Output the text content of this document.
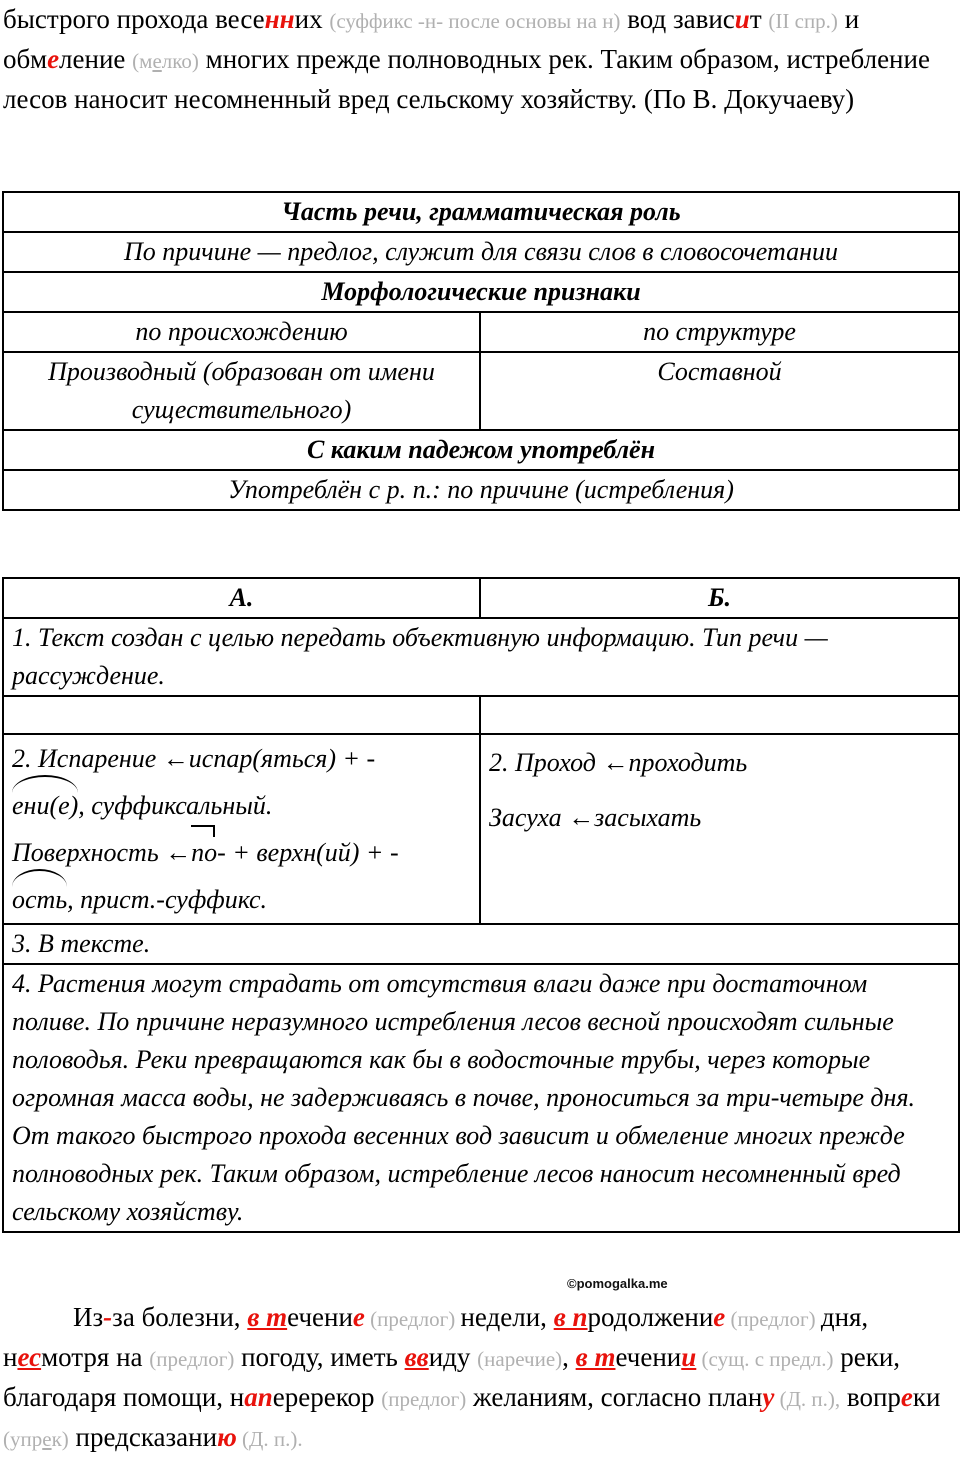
быстрого прохода весенних (суффикс -н- после основы на н) вод зависит (II спр.) и обмеление (мелко) многих прежде полноводных рек. Таким образом, истребление лесов наносит несомненный вред сельскому хозяйству. (По В. Докучаеву)
Часть речи, грамматическая роль	
По причине — предлог, служит для связи слов в словосочетании	
Морфологические признаки	
по происхождению	по структуре
Производный (образован от имени существительного)	Составной
С каким падежом употреблён	
Употреблён с р. п.: по причине (истребления)	
А.	Б.
1. Текст создан с целью передать объективную информацию. Тип речи — рассуждение.	

2. Испарение ←испар(яться) + -
ени(е), суффиксальный.
Поверхность ←по- + верхн(ий) + -
ость, прист.-суффикс.	2. Проход ←проходить
Засуха ←засыхать
3. В тексте.	
4. Растения могут страдать от отсутствия влаги даже при достаточном поливе. По причине неразумного истребления лесов весной происходят сильные половодья. Реки превращаются как бы в водосточные трубы, через которые огромная масса воды, не задерживаясь в почве, проноситься за три-четыре дня. От такого быстрого прохода весенних вод зависит и обмеление многих прежде полноводных рек. Таким образом, истребление лесов наносит несомненный вред сельскому хозяйству.	
©pomogalka.me
Из-за болезни, в течение (предлог) недели, в продолжение (предлог) дня, несмотря на (предлог) погоду, иметь ввиду (наречие), в течении (сущ. с предл.) реки, благодаря помощи, наперерекор (предлог) желаниям, согласно плану (Д. п.), вопреки (упрек) предсказанию (Д. п.).
